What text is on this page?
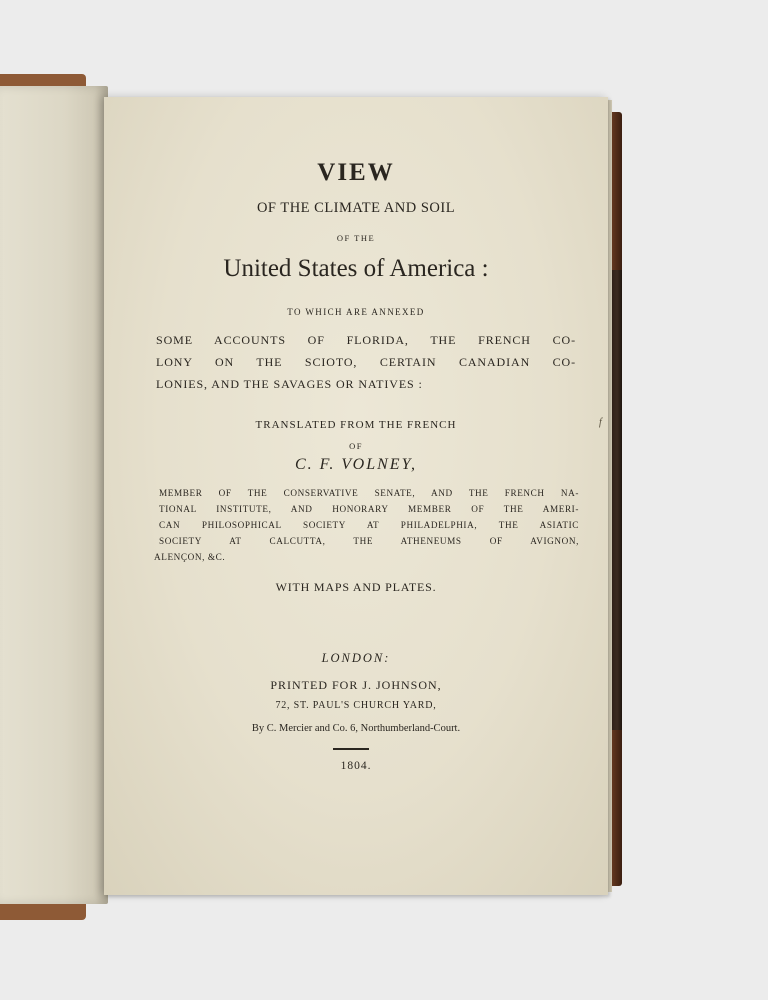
VIEW

OF THE CLIMATE AND SOIL

OF THE

United States of America :

TO WHICH ARE ANNEXED

SOME ACCOUNTS OF FLORIDA, THE FRENCH CO-

LONY ON THE SCIOTO, CERTAIN CANADIAN CO-

LONIES, AND THE SAVAGES OR NATIVES :

TRANSLATED FROM THE FRENCH

OF

C. F. VOLNEY,

MEMBER OF THE CONSERVATIVE SENATE, AND THE FRENCH NA-

TIONAL INSTITUTE, AND HONORARY MEMBER OF THE AMERI-

CAN PHILOSOPHICAL SOCIETY AT PHILADELPHIA, THE ASIATIC

SOCIETY AT CALCUTTA, THE ATHENEUMS OF AVIGNON,

ALENÇON, &C.

WITH MAPS AND PLATES.

LONDON:

PRINTED FOR J. JOHNSON,

72, ST. PAUL'S CHURCH YARD,

By C. Mercier and Co. 6, Northumberland-Court.

1804.

f
